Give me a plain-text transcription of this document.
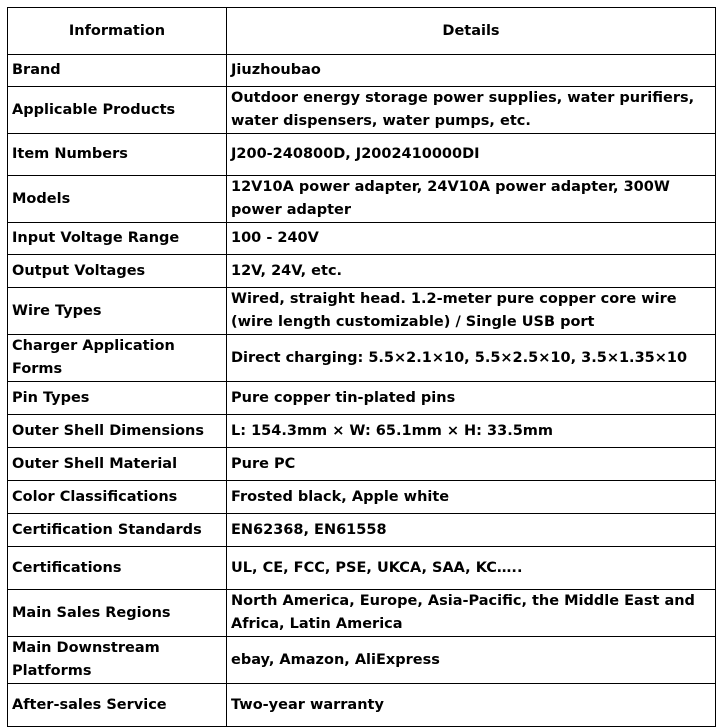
Information	Details
Brand	Jiuzhoubao
Applicable Products	Outdoor energy storage power supplies, water purifiers, water dispensers, water pumps, etc.
Item Numbers	J200-240800D, J2002410000DI
Models	12V10A power adapter, 24V10A power adapter, 300W power adapter
Input Voltage Range	100 - 240V
Output Voltages	12V, 24V, etc.
Wire Types	Wired, straight head. 1.2-meter pure copper core wire (wire length customizable) / Single USB port
Charger Application Forms	Direct charging: 5.5×2.1×10, 5.5×2.5×10, 3.5×1.35×10
Pin Types	Pure copper tin-plated pins
Outer Shell Dimensions	L: 154.3mm × W: 65.1mm × H: 33.5mm
Outer Shell Material	Pure PC
Color Classifications	Frosted black, Apple white
Certification Standards	EN62368, EN61558
Certifications	UL, CE, FCC, PSE, UKCA, SAA, KC…..
Main Sales Regions	North America, Europe, Asia-Pacific, the Middle East and Africa, Latin America
Main Downstream Platforms	ebay, Amazon, AliExpress
After-sales Service	Two-year warranty
